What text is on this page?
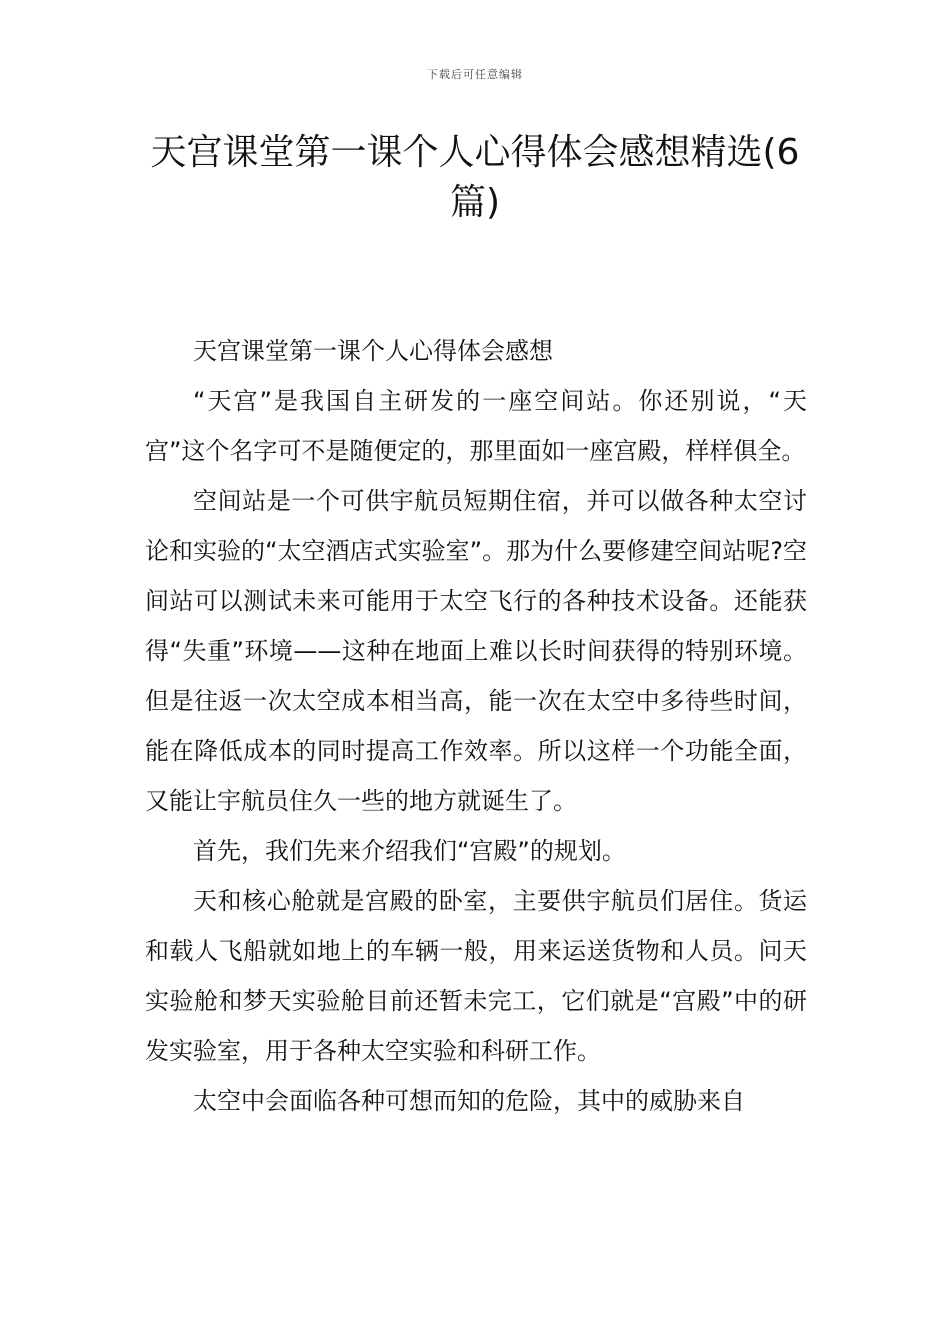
下载后可任意编辑
天宫课堂第一课个人心得体会感想精选(6篇)

天宫课堂第一课个人心得体会感想

“天宫”是我国自主研发的一座空间站。你还别说，“天宫”这个名字可不是随便定的，那里面如一座宫殿，样样俱全。

空间站是一个可供宇航员短期住宿，并可以做各种太空讨论和实验的“太空酒店式实验室”。那为什么要修建空间站呢?空间站可以测试未来可能用于太空飞行的各种技术设备。还能获得“失重”环境——这种在地面上难以长时间获得的特别环境。但是往返一次太空成本相当高，能一次在太空中多待些时间，能在降低成本的同时提高工作效率。所以这样一个功能全面，又能让宇航员住久一些的地方就诞生了。

首先，我们先来介绍我们“宫殿”的规划。

天和核心舱就是宫殿的卧室，主要供宇航员们居住。货运和载人飞船就如地上的车辆一般，用来运送货物和人员。问天实验舱和梦天实验舱目前还暂未完工，它们就是“宫殿”中的研发实验室，用于各种太空实验和科研工作。

太空中会面临各种可想而知的危险，其中的威胁来自
